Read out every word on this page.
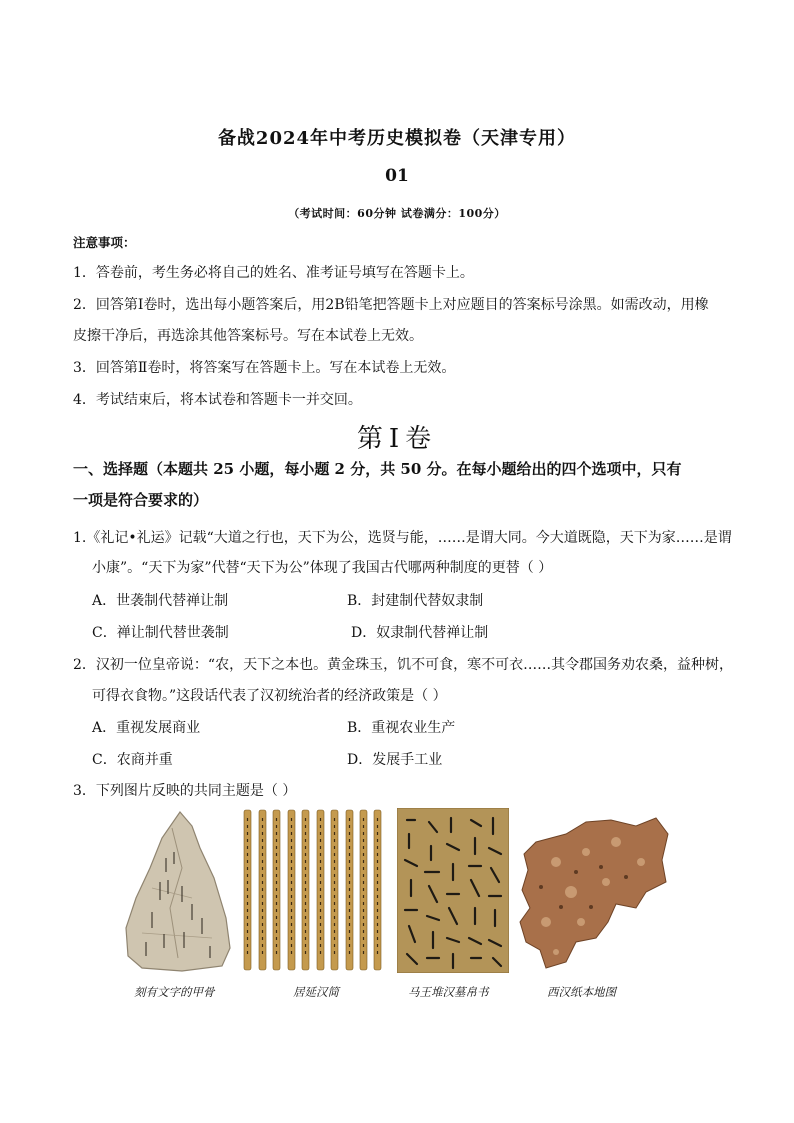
备战2024年中考历史模拟卷（天津专用）
01
（考试时间：60分钟 试卷满分：100分）
注意事项：
1．答卷前，考生务必将自己的姓名、准考证号填写在答题卡上。
2．回答第Ⅰ卷时，选出每小题答案后，用2B铅笔把答题卡上对应题目的答案标号涂黑。如需改动，用橡
皮擦干净后，再选涂其他答案标号。写在本试卷上无效。
3．回答第Ⅱ卷时，将答案写在答题卡上。写在本试卷上无效。
4．考试结束后，将本试卷和答题卡一并交回。
第Ⅰ卷
一、选择题（本题共 25 小题，每小题 2 分，共 50 分。在每小题给出的四个选项中，只有
一项是符合要求的）
1.《礼记•礼运》记载“大道之行也，天下为公，选贤与能，……是谓大同。今大道既隐，天下为家……是谓
小康”。“天下为家”代替“天下为公”体现了我国古代哪两种制度的更替（ ）
A．世袭制代替禅让制	B．封建制代替奴隶制
C．禅让制代替世袭制	D．奴隶制代替禅让制
2．汉初一位皇帝说：“农，天下之本也。黄金珠玉，饥不可食，寒不可衣……其令郡国务劝农桑，益种树，
可得衣食物。”这段话代表了汉初统治者的经济政策是（ ）
A．重视发展商业	B．重视农业生产
C．农商并重	D．发展手工业
3．下列图片反映的共同主题是（ ）
刻有文字的甲骨	居延汉简	马王堆汉墓帛书	西汉纸本地图
